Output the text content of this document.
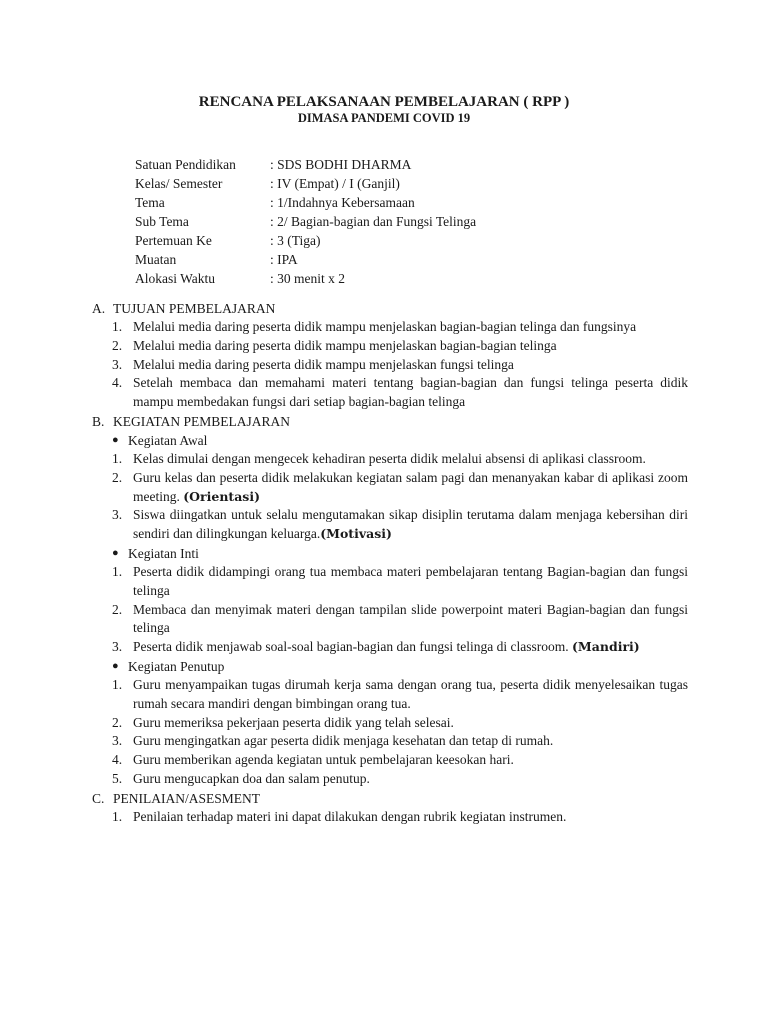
RENCANA PELAKSANAAN PEMBELAJARAN ( RPP )
DIMASA PANDEMI COVID 19
Satuan Pendidikan	: SDS BODHI DHARMA
Kelas/ Semester	: IV (Empat) / I (Ganjil)
Tema	: 1/Indahnya Kebersamaan
Sub Tema	: 2/ Bagian-bagian dan Fungsi Telinga
Pertemuan Ke	: 3 (Tiga)
Muatan	: IPA
Alokasi Waktu	: 30 menit x 2
A. TUJUAN PEMBELAJARAN
1. Melalui media daring peserta didik mampu menjelaskan bagian-bagian telinga dan fungsinya
2. Melalui media daring peserta didik mampu menjelaskan bagian-bagian telinga
3. Melalui media daring peserta didik mampu menjelaskan fungsi telinga
4. Setelah membaca dan memahami materi tentang bagian-bagian dan fungsi telinga peserta didik mampu membedakan fungsi dari setiap bagian-bagian telinga
B. KEGIATAN PEMBELAJARAN
● Kegiatan Awal
1. Kelas dimulai dengan mengecek kehadiran peserta didik melalui absensi di aplikasi classroom.
2. Guru kelas dan peserta didik melakukan kegiatan salam pagi dan menanyakan kabar di aplikasi zoom meeting. (Orientasi)
3. Siswa diingatkan untuk selalu mengutamakan sikap disiplin terutama dalam menjaga kebersihan diri sendiri dan dilingkungan keluarga.(Motivasi)
● Kegiatan Inti
1. Peserta didik didampingi orang tua membaca materi pembelajaran tentang Bagian-bagian dan fungsi telinga
2. Membaca dan menyimak materi dengan tampilan slide powerpoint materi Bagian-bagian dan fungsi telinga
3. Peserta didik menjawab soal-soal bagian-bagian dan fungsi telinga di classroom. (Mandiri)
● Kegiatan Penutup
1. Guru menyampaikan tugas dirumah kerja sama dengan orang tua, peserta didik menyelesaikan tugas rumah secara mandiri dengan bimbingan orang tua.
2. Guru memeriksa pekerjaan peserta didik yang telah selesai.
3. Guru mengingatkan agar peserta didik menjaga kesehatan dan tetap di rumah.
4. Guru memberikan agenda kegiatan untuk pembelajaran keesokan hari.
5. Guru mengucapkan doa dan salam penutup.
C. PENILAIAN/ASESMENT
1. Penilaian terhadap materi ini dapat dilakukan dengan rubrik kegiatan instrumen.
